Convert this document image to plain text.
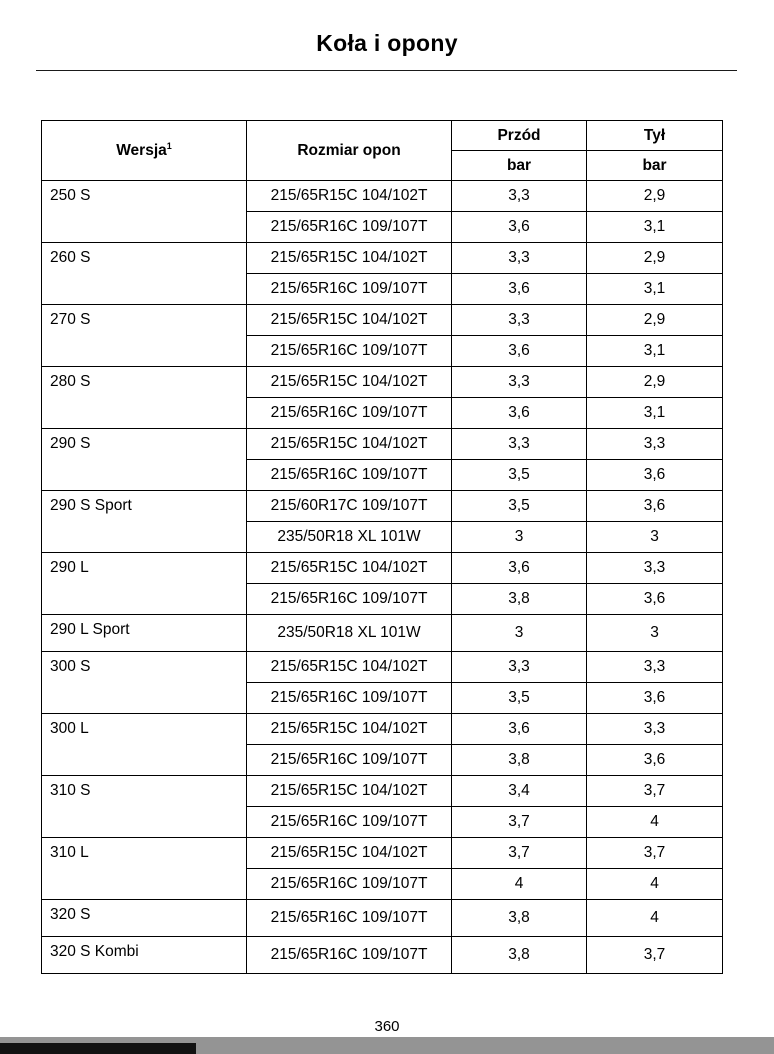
Koła i opony
Wersja$^1$	Rozmiar opon	Przód	Tył
		bar	bar
250 S	215/65R15C 104/102T	3,3	2,9
	215/65R16C 109/107T	3,6	3,1
260 S	215/65R15C 104/102T	3,3	2,9
	215/65R16C 109/107T	3,6	3,1
270 S	215/65R15C 104/102T	3,3	2,9
	215/65R16C 109/107T	3,6	3,1
280 S	215/65R15C 104/102T	3,3	2,9
	215/65R16C 109/107T	3,6	3,1
290 S	215/65R15C 104/102T	3,3	3,3
	215/65R16C 109/107T	3,5	3,6
290 S Sport	215/60R17C 109/107T	3,5	3,6
	235/50R18 XL 101W	3	3
290 L	215/65R15C 104/102T	3,6	3,3
	215/65R16C 109/107T	3,8	3,6
290 L Sport	235/50R18 XL 101W	3	3
300 S	215/65R15C 104/102T	3,3	3,3
	215/65R16C 109/107T	3,5	3,6
300 L	215/65R15C 104/102T	3,6	3,3
	215/65R16C 109/107T	3,8	3,6
310 S	215/65R15C 104/102T	3,4	3,7
	215/65R16C 109/107T	3,7	4
310 L	215/65R15C 104/102T	3,7	3,7
	215/65R16C 109/107T	4	4
320 S	215/65R16C 109/107T	3,8	4
320 S Kombi	215/65R16C 109/107T	3,8	3,7
360
